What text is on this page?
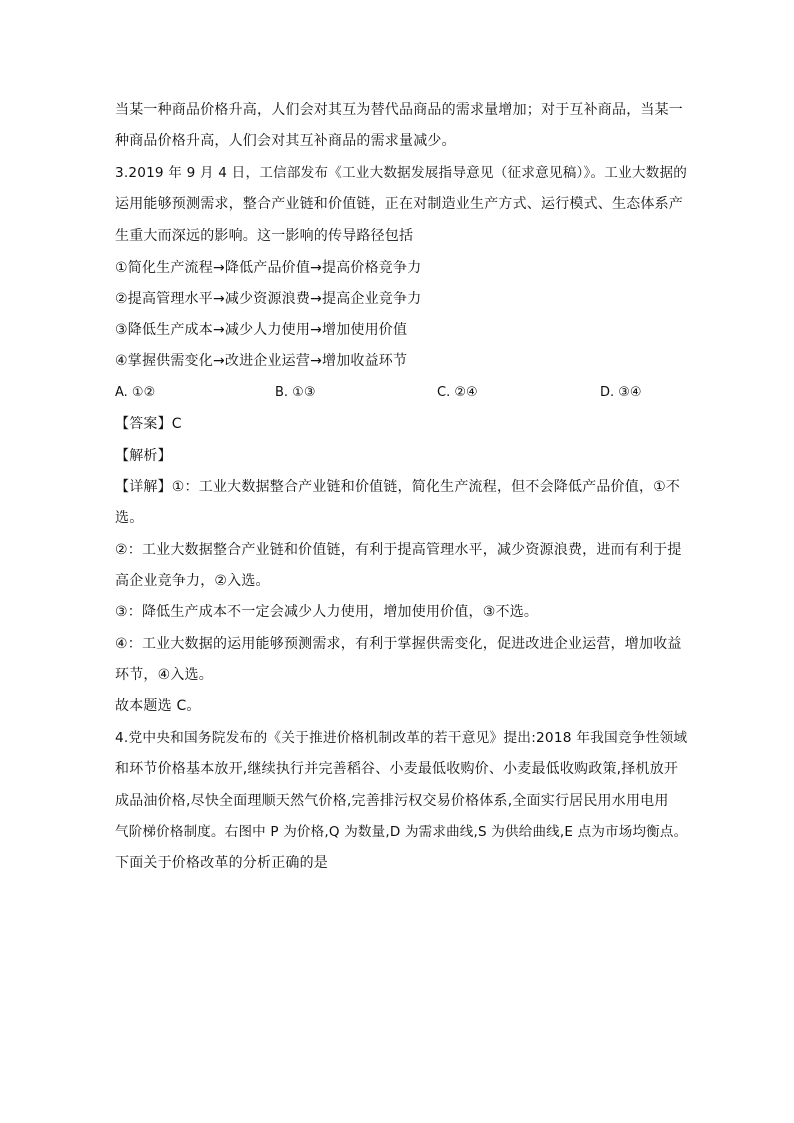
当某一种商品价格升高，人们会对其互为替代品商品的需求量增加；对于互补商品，当某一
种商品价格升高，人们会对其互补商品的需求量减少。
3.2019 年 9 月 4 日，工信部发布《工业大数据发展指导意见（征求意见稿）》。工业大数据的
运用能够预测需求，整合产业链和价值链，正在对制造业生产方式、运行模式、生态体系产
生重大而深远的影响。这一影响的传导路径包括
①简化生产流程→降低产品价值→提高价格竞争力
②提高管理水平→减少资源浪费→提高企业竞争力
③降低生产成本→减少人力使用→增加使用价值
④掌握供需变化→改进企业运营→增加收益环节
A. ①②	B. ①③	C. ②④	D. ③④
【答案】C
【解析】
【详解】①：工业大数据整合产业链和价值链，简化生产流程，但不会降低产品价值，①不
选。
②：工业大数据整合产业链和价值链，有利于提高管理水平，减少资源浪费，进而有利于提
高企业竞争力，②入选。
③：降低生产成本不一定会减少人力使用，增加使用价值，③不选。
④：工业大数据的运用能够预测需求，有利于掌握供需变化，促进改进企业运营，增加收益
环节，④入选。
故本题选 C。
4.党中央和国务院发布的《关于推进价格机制改革的若干意见》提出:2018 年我国竞争性领域
和环节价格基本放开,继续执行并完善稻谷、小麦最低收购价、小麦最低收购政策,择机放开
成品油价格,尽快全面理顺天然气价格,完善排污权交易价格体系,全面实行居民用水用电用
气阶梯价格制度。右图中 P 为价格,Q 为数量,D 为需求曲线,S 为供给曲线,E 点为市场均衡点。
下面关于价格改革的分析正确的是
